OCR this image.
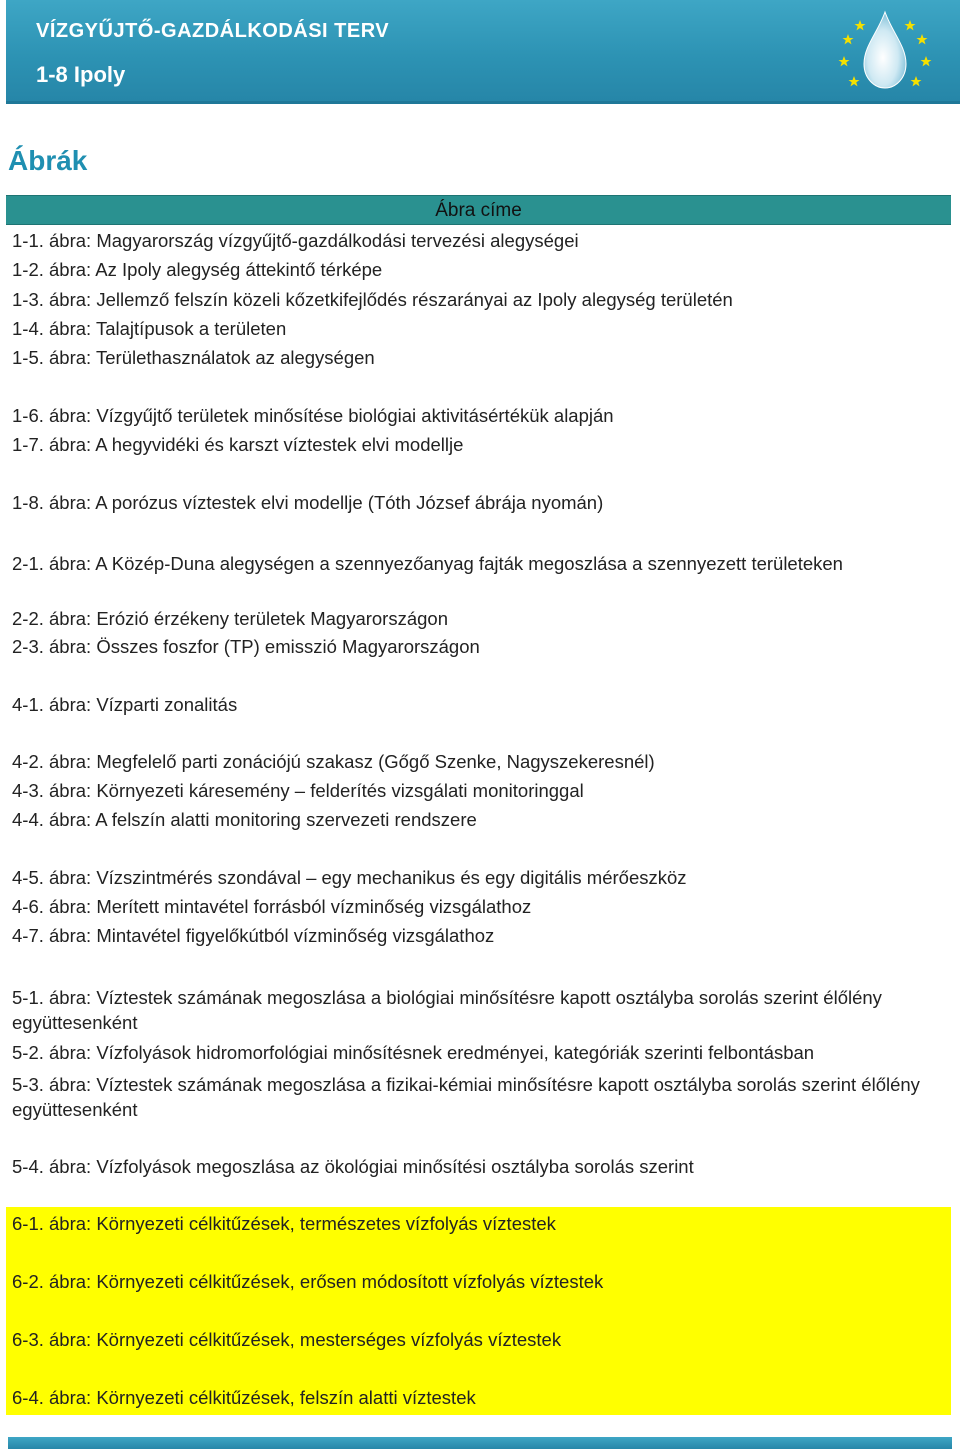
VÍZGYŰJTŐ-GAZDÁLKODÁSI TERV
1-8 Ipoly
Ábrák
Ábra címe
1-1. ábra: Magyarország vízgyűjtő-gazdálkodási tervezési alegységei
1-2. ábra: Az Ipoly alegység áttekintő térképe
1-3. ábra: Jellemző felszín közeli kőzetkifejlődés részarányai az Ipoly alegység területén
1-4. ábra: Talajtípusok a területen
1-5. ábra: Területhasználatok az alegységen
1-6. ábra: Vízgyűjtő területek minősítése biológiai aktivitásértékük alapján
1-7. ábra: A hegyvidéki és karszt víztestek elvi modellje
1-8. ábra: A porózus víztestek elvi modellje (Tóth József ábrája nyomán)
2-1. ábra: A Közép-Duna alegységen a szennyezőanyag fajták megoszlása a szennyezett területeken
2-2. ábra: Erózió érzékeny területek Magyarországon
2-3. ábra: Összes foszfor (TP) emisszió Magyarországon
4-1. ábra: Vízparti zonalitás
4-2. ábra: Megfelelő parti zonációjú szakasz (Gőgő Szenke, Nagyszekeresnél)
4-3. ábra: Környezeti káresemény – felderítés vizsgálati monitoringgal
4-4. ábra: A felszín alatti monitoring szervezeti rendszere
4-5. ábra: Vízszintmérés szondával – egy mechanikus és egy digitális mérőeszköz
4-6. ábra: Merített mintavétel forrásból vízminőség vizsgálathoz
4-7. ábra: Mintavétel figyelőkútból vízminőség vizsgálathoz
5-1. ábra: Víztestek számának megoszlása a biológiai minősítésre kapott osztályba sorolás szerint élőlény együttesenként
5-2. ábra: Vízfolyások hidromorfológiai minősítésnek eredményei, kategóriák szerinti felbontásban
5-3. ábra: Víztestek számának megoszlása a fizikai-kémiai minősítésre kapott osztályba sorolás szerint élőlény együttesenként
5-4. ábra: Vízfolyások megoszlása az ökológiai minősítési osztályba sorolás szerint
6-1. ábra: Környezeti célkitűzések, természetes vízfolyás víztestek
6-2. ábra: Környezeti célkitűzések, erősen módosított vízfolyás víztestek
6-3. ábra: Környezeti célkitűzések, mesterséges vízfolyás víztestek
6-4. ábra: Környezeti célkitűzések, felszín alatti víztestek
